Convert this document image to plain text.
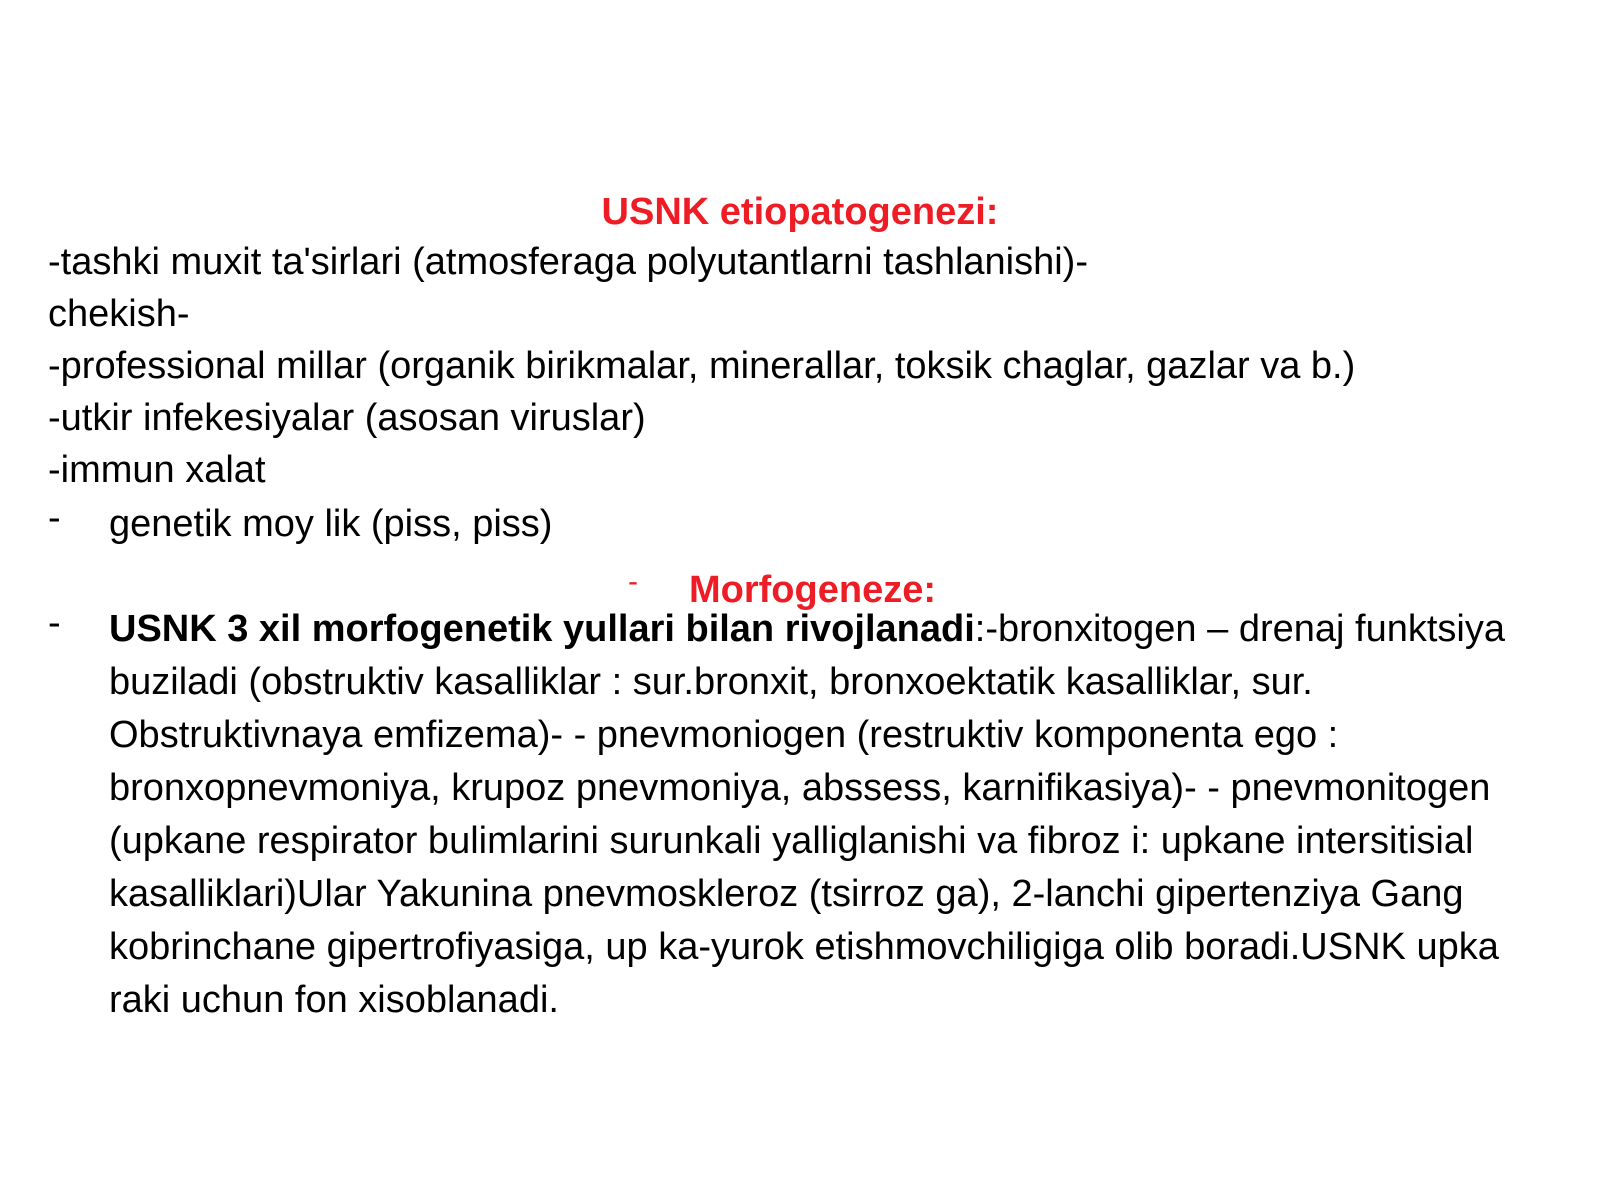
USNK etiopatogenezi:
-tashki muxit ta'sirlari (atmosferaga polyutantlarni tashlanishi)-
chekish-
-professional millar (organik birikmalar, minerallar, toksik chaglar, gazlar va b.)
-utkir infekesiyalar (asosan viruslar)
-immun xalat
-	genetik moy lik (piss, piss)
-	Morfogeneze:
-	USNK 3 xil morfogenetik yullari bilan rivojlanadi:-bronxitogen – drenaj funktsiya buziladi (obstruktiv kasalliklar : sur.bronxit, bronxoektatik kasalliklar, sur. Obstruktivnaya emfizema)- - pnevmoniogen (restruktiv komponenta ego : bronxopnevmoniya, krupoz pnevmoniya, abssess, karnifikasiya)- - pnevmonitogen (upkane respirator bulimlarini surunkali yalliglanishi va fibroz i: upkane intersitisial kasalliklari)Ular Yakunina pnevmoskleroz (tsirroz ga), 2-lanchi gipertenziya Gang kobrinchane gipertrofiyasiga, up ka-yurok etishmovchiligiga olib boradi.USNK upka raki uchun fon xisoblanadi.
